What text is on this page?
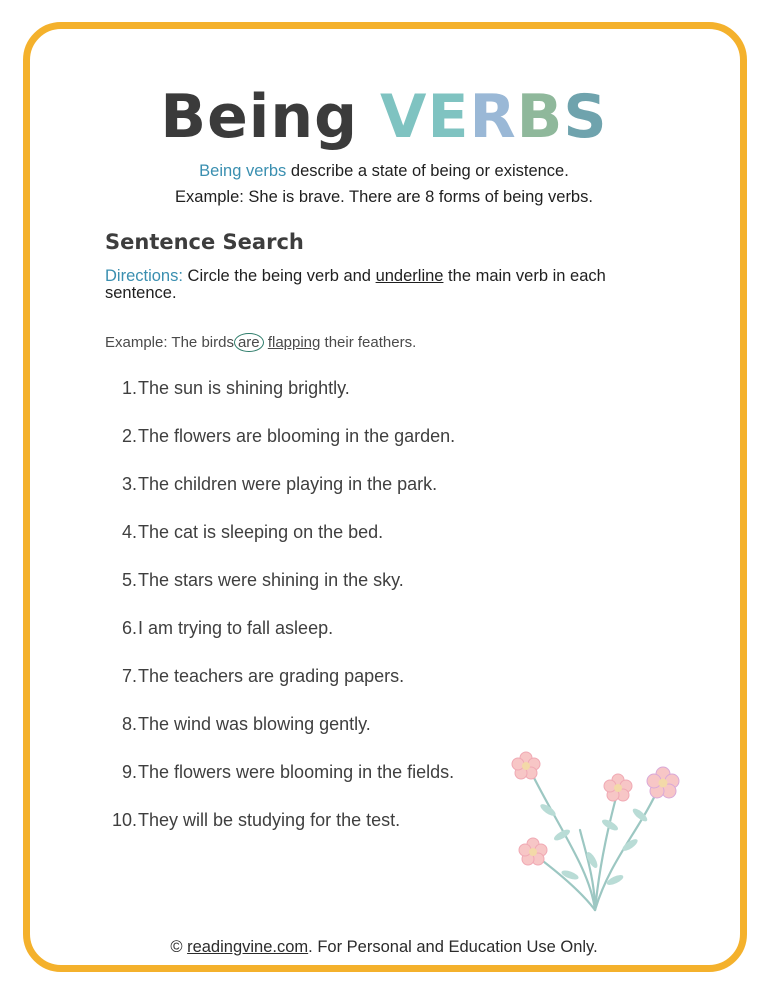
Being VERBS
Being verbs describe a state of being or existence.
Example: She is brave. There are 8 forms of being verbs.
Sentence Search
Directions: Circle the being verb and underline the main verb in each sentence.
Example: The birds are flapping their feathers.
1. The sun is shining brightly.
2. The flowers are blooming in the garden.
3. The children were playing in the park.
4. The cat is sleeping on the bed.
5. The stars were shining in the sky.
6. I am trying to fall asleep.
7. The teachers are grading papers.
8. The wind was blowing gently.
9. The flowers were blooming in the fields.
10. They will be studying for the test.
© readingvine.com. For Personal and Education Use Only.
